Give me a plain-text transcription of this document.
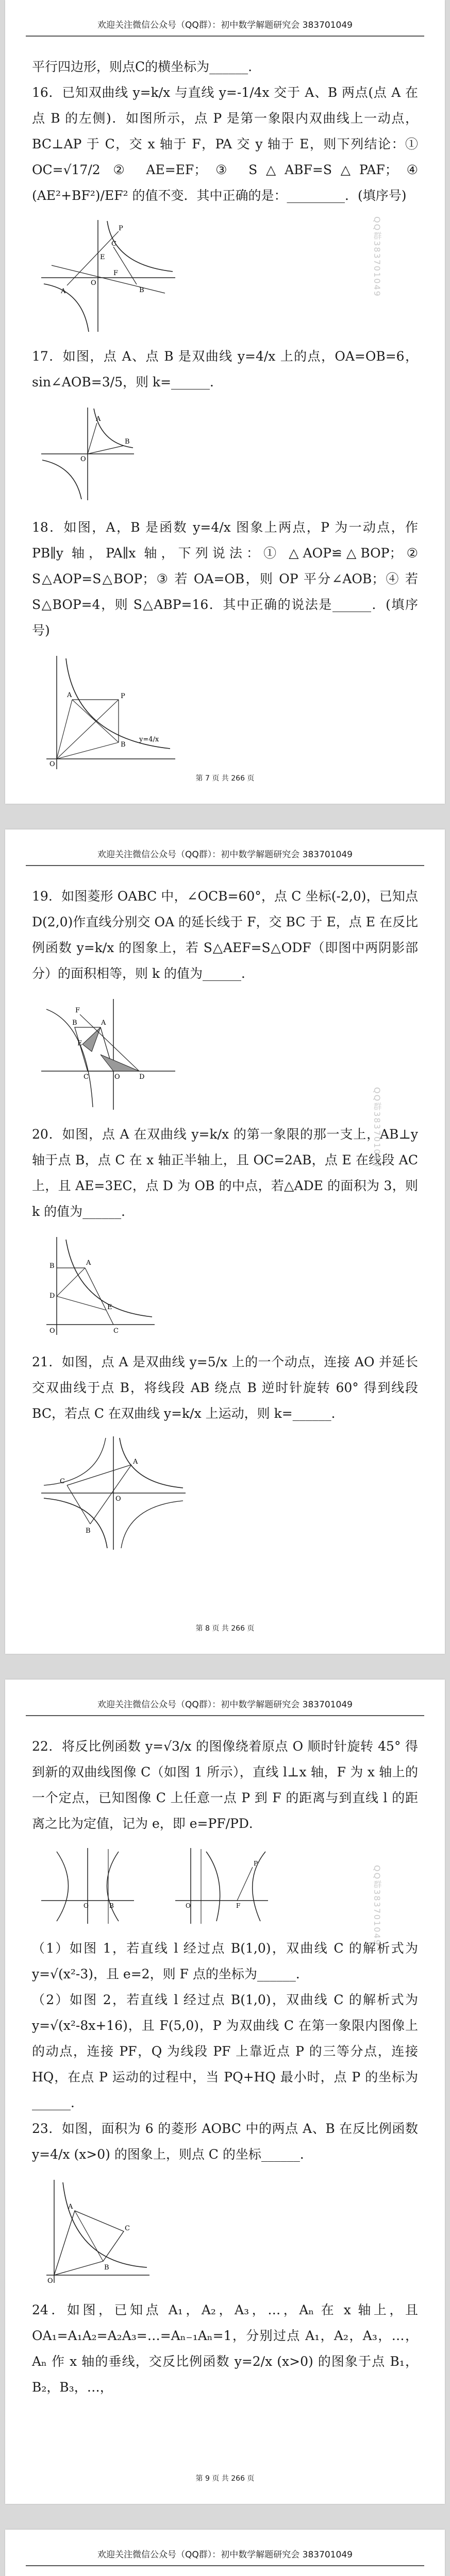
欢迎关注微信公众号（QQ群）：初中数学解题研究会 383701049
QQ群383701049
平行四边形，则点C的横坐标为______.
16．已知双曲线 y=k/x 与直线 y=-1/4x 交于 A、B 两点(点 A 在点 B 的左侧)．如图所示，点 P 是第一象限内双曲线上一动点，BC⊥AP 于 C，交 x 轴于 F，PA 交 y 轴于 E，则下列结论：① OC=√17/2 ② AE=EF；③ S△ABF=S△PAF；④ (AE²+BF²)/EF² 的值不变．其中正确的是：_________．(填序号)
A	B
P
E
F
C
O
17．如图，点 A、点 B 是双曲线 y=4/x 上的点，OA=OB=6，sin∠AOB=3/5，则 k=______．
A
B
O
18．如图，A，B 是函数 y=4/x 图象上两点，P 为一动点，作 PB∥y 轴，PA∥x 轴，下列说法：① △AOP≌△BOP；② S△AOP=S△BOP；③ 若 OA=OB，则 OP 平分∠AOB；④ 若 S△BOP=4，则 S△ABP=16．其中正确的说法是______．(填序号)
A	P
B
O
y=4/x
第 7 页 共 266 页
欢迎关注微信公众号（QQ群）：初中数学解题研究会 383701049
QQ群383701049
19．如图菱形 OABC 中，∠OCB=60°，点 C 坐标(-2,0)，已知点 D(2,0)作直线分别交 OA 的延长线于 F，交 BC 于 E，点 E 在反比例函数 y=k/x 的图象上，若 S△AEF=S△ODF（即图中两阴影部分）的面积相等，则 k 的值为______．
B	A
C	D
O
E
F
20．如图，点 A 在双曲线 y=k/x 的第一象限的那一支上，AB⊥y 轴于点 B，点 C 在 x 轴正半轴上，且 OC=2AB，点 E 在线段 AC 上，且 AE=3EC，点 D 为 OB 的中点，若△ADE 的面积为 3，则 k 的值为______．
B	A
D
E
C
O
21．如图，点 A 是双曲线 y=5/x 上的一个动点，连接 AO 并延长交双曲线于点 B，将线段 AB 绕点 B 逆时针旋转 60° 得到线段 BC，若点 C 在双曲线 y=k/x 上运动，则 k=______．
A
B
C
O
第 8 页 共 266 页
欢迎关注微信公众号（QQ群）：初中数学解题研究会 383701049
QQ群383701049
22．将反比例函数 y=√3/x 的图像绕着原点 O 顺时针旋转 45° 得到新的双曲线图像 C（如图 1 所示），直线 l⊥x 轴，F 为 x 轴上的一个定点，已知图像 C 上任意一点 P 到 F 的距离与到直线 l 的距离之比为定值，记为 e，即 e=PF/PD．
O	B	O	F
P
（1）如图 1，若直线 l 经过点 B(1,0)，双曲线 C 的解析式为 y=√(x²-3)，且 e=2，则 F 点的坐标为______．
（2）如图 2，若直线 l 经过点 B(1,0)，双曲线 C 的解析式为 y=√(x²-8x+16)，且 F(5,0)，P 为双曲线 C 在第一象限内图像上的动点，连接 PF，Q 为线段 PF 上靠近点 P 的三等分点，连接 HQ，在点 P 运动的过程中，当 PQ+HQ 最小时，点 P 的坐标为______．
23．如图，面积为 6 的菱形 AOBC 中的两点 A、B 在反比例函数 y=4/x (x>0) 的图象上，则点 C 的坐标______．
A
C
B
O
24．如图，已知点 A₁，A₂，A₃，…，Aₙ 在 x 轴上，且 OA₁=A₁A₂=A₂A₃=…=Aₙ₋₁Aₙ=1，分别过点 A₁，A₂，A₃，…，Aₙ 作 x 轴的垂线，交反比例函数 y=2/x (x>0) 的图象于点 B₁，B₂，B₃，…，
第 9 页 共 266 页
欢迎关注微信公众号（QQ群）：初中数学解题研究会 383701049
